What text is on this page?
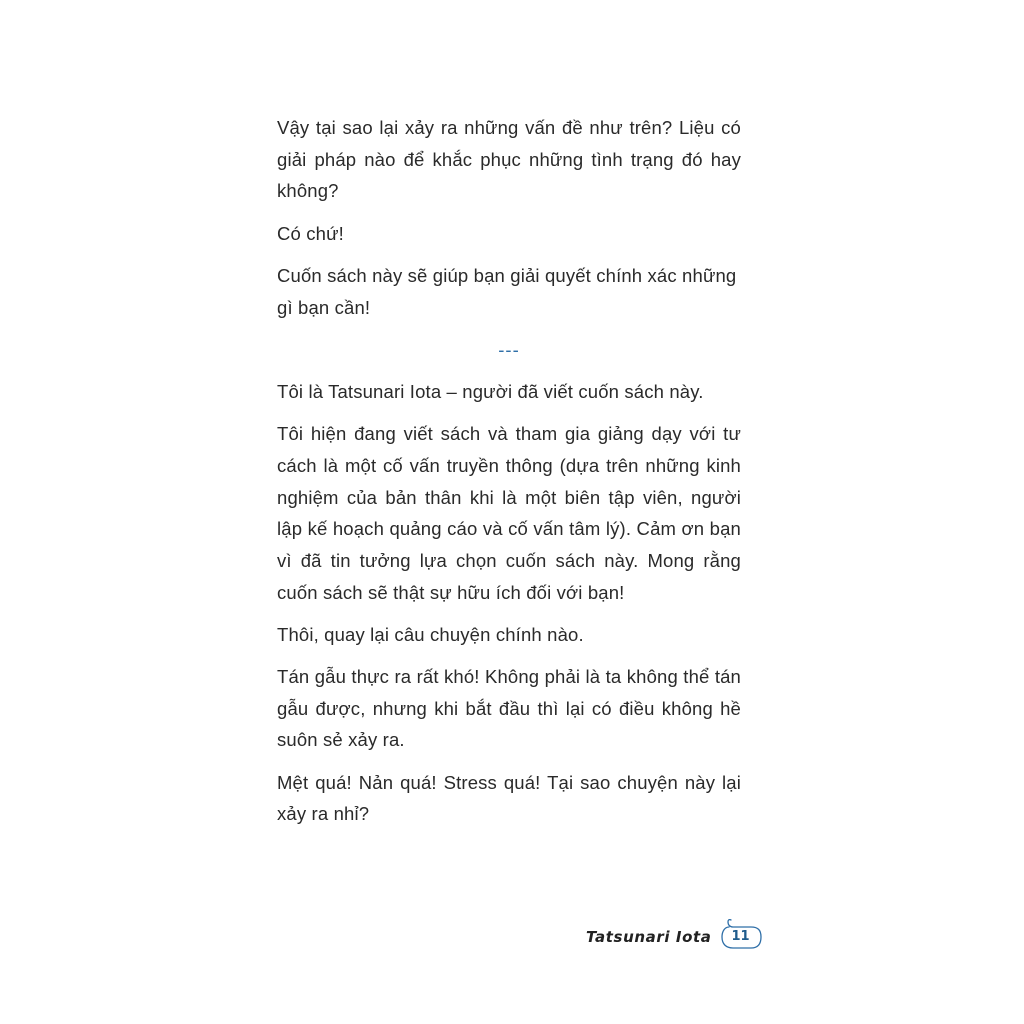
Vậy tại sao lại xảy ra những vấn đề như trên? Liệu có giải pháp nào để khắc phục những tình trạng đó hay không?

Có chứ!

Cuốn sách này sẽ giúp bạn giải quyết chính xác những gì bạn cần!

---

Tôi là Tatsunari Iota – người đã viết cuốn sách này.

Tôi hiện đang viết sách và tham gia giảng dạy với tư cách là một cố vấn truyền thông (dựa trên những kinh nghiệm của bản thân khi là một biên tập viên, người lập kế hoạch quảng cáo và cố vấn tâm lý). Cảm ơn bạn vì đã tin tưởng lựa chọn cuốn sách này. Mong rằng cuốn sách sẽ thật sự hữu ích đối với bạn!

Thôi, quay lại câu chuyện chính nào.

Tán gẫu thực ra rất khó! Không phải là ta không thể tán gẫu được, nhưng khi bắt đầu thì lại có điều không hề suôn sẻ xảy ra.

Mệt quá! Nản quá! Stress quá! Tại sao chuyện này lại xảy ra nhỉ?

Tatsunari Iota	11
